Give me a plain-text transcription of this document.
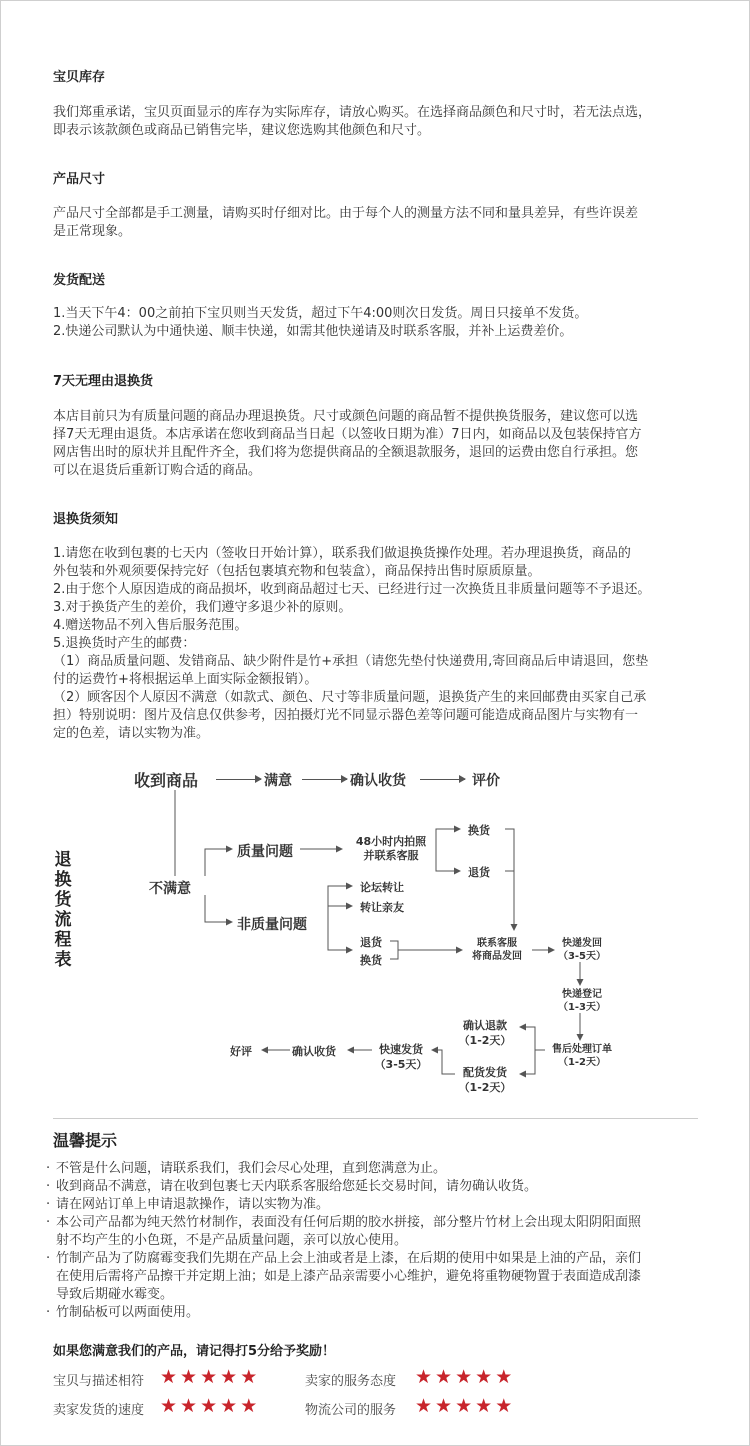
宝贝库存
我们郑重承诺，宝贝页面显示的库存为实际库存，请放心购买。在选择商品颜色和尺寸时，若无法点选，
即表示该款颜色或商品已销售完毕，建议您选购其他颜色和尺寸。
产品尺寸
产品尺寸全部都是手工测量，请购买时仔细对比。由于每个人的测量方法不同和量具差异，有些许误差
是正常现象。
发货配送
1.当天下午4：00之前拍下宝贝则当天发货，超过下午4:00则次日发货。周日只接单不发货。
2.快递公司默认为中通快递、顺丰快递，如需其他快递请及时联系客服，并补上运费差价。
7天无理由退换货
本店目前只为有质量问题的商品办理退换货。尺寸或颜色问题的商品暂不提供换货服务，建议您可以选
择7天无理由退货。本店承诺在您收到商品当日起（以签收日期为准）7日内，如商品以及包装保持官方
网店售出时的原状并且配件齐全，我们将为您提供商品的全额退款服务，退回的运费由您自行承担。您
可以在退货后重新订购合适的商品。
退换货须知
1.请您在收到包裹的七天内（签收日开始计算），联系我们做退换货操作处理。若办理退换货，商品的
外包装和外观须要保持完好（包括包裹填充物和包装盒），商品保持出售时原质原量。
2.由于您个人原因造成的商品损坏，收到商品超过七天、已经进行过一次换货且非质量问题等不予退还。
3.对于换货产生的差价，我们遵守多退少补的原则。
4.赠送物品不列入售后服务范围。
5.退换货时产生的邮费：
（1）商品质量问题、发错商品、缺少附件是竹+承担（请您先垫付快递费用,寄回商品后申请退回，您垫
付的运费竹+将根据运单上面实际金额报销）。
（2）顾客因个人原因不满意（如款式、颜色、尺寸等非质量问题，退换货产生的来回邮费由买家自己承
担）特别说明：图片及信息仅供参考，因拍摄灯光不同显示器色差等问题可能造成商品图片与实物有一
定的色差，请以实物为准。
退换货流程表
收到商品	满意	确认收货	评价
不满意
质量问题
非质量问题
48小时内拍照
并联系客服
换货
退货
论坛转让
转让亲友
退货
换货
联系客服
将商品发回
快递发回
（3-5天）
快递登记
（1-3天）
售后处理订单
（1-2天）
确认退款
（1-2天）
配货发货
（1-2天）
快速发货
（3-5天）
确认收货
好评
温馨提示
· 不管是什么问题，请联系我们，我们会尽心处理，直到您满意为止。
· 收到商品不满意，请在收到包裹七天内联系客服给您延长交易时间，请勿确认收货。
· 请在网站订单上申请退款操作，请以实物为准。
· 本公司产品都为纯天然竹材制作，表面没有任何后期的胶水拼接，部分整片竹材上会出现太阳阴阳面照
射不均产生的小色斑，不是产品质量问题，亲可以放心使用。
· 竹制产品为了防腐霉变我们先期在产品上会上油或者是上漆，在后期的使用中如果是上油的产品，亲们
在使用后需将产品擦干并定期上油；如是上漆产品亲需要小心维护，避免将重物硬物置于表面造成刮漆
导致后期碰水霉变。
· 竹制砧板可以两面使用。
如果您满意我们的产品，请记得打5分给予奖励！
宝贝与描述相符 ★★★★★	卖家的服务态度 ★★★★★
卖家发货的速度 ★★★★★	物流公司的服务 ★★★★★
